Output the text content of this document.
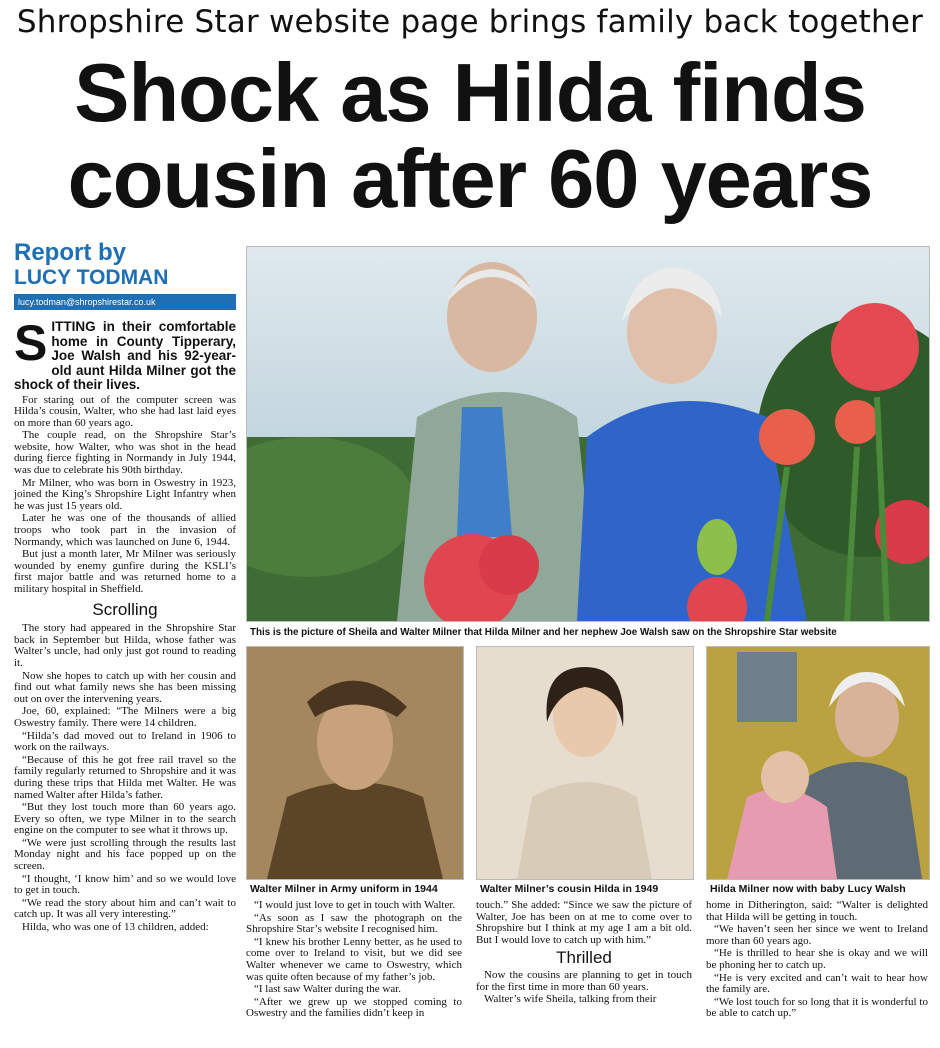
Shropshire Star website page brings family back together
Shock as Hilda finds
cousin after 60 years
Report by
LUCY TODMAN
lucy.todman@shropshirestar.co.uk
S ITTING in their comfortable home in County Tipperary, Joe Walsh and his 92-year-old aunt Hilda Milner got the shock of their lives.

For staring out of the computer screen was Hilda’s cousin, Walter, who she had last laid eyes on more than 60 years ago.

The couple read, on the Shropshire Star’s website, how Walter, who was shot in the head during fierce fighting in Normandy in July 1944, was due to celebrate his 90th birthday.

Mr Milner, who was born in Oswestry in 1923, joined the King’s Shropshire Light Infantry when he was just 15 years old.

Later he was one of the thousands of allied troops who took part in the invasion of Normandy, which was launched on June 6, 1944.

But just a month later, Mr Milner was seriously wounded by enemy gunfire during the KSLI’s first major battle and was returned home to a military hospital in Sheffield.

Scrolling

The story had appeared in the Shropshire Star back in September but Hilda, whose father was Walter’s uncle, had only just got round to reading it.

Now she hopes to catch up with her cousin and find out what family news she has been missing out on over the intervening years.

Joe, 60, explained: “The Milners were a big Oswestry family. There were 14 children.

“Hilda’s dad moved out to Ireland in 1906 to work on the railways.

“Because of this he got free rail travel so the family regularly returned to Shropshire and it was during these trips that Hilda met Walter. He was named Walter after Hilda’s father.

“But they lost touch more than 60 years ago. Every so often, we type Milner in to the search engine on the computer to see what it throws up.

“We were just scrolling through the results last Monday night and his face popped up on the screen.

“I thought, ‘I know him’ and so we would love to get in touch.

“We read the story about him and can’t wait to catch up. It was all very interesting.”

Hilda, who was one of 13 children, added:

This is the picture of Sheila and Walter Milner that Hilda Milner and her nephew Joe Walsh saw on the Shropshire Star website
Walter Milner in Army uniform in 1944	Walter Milner’s cousin Hilda in 1949	Hilda Milner now with baby Lucy Walsh

“I would just love to get in touch with Walter.

“As soon as I saw the photograph on the Shropshire Star’s website I recognised him.

“I knew his brother Lenny better, as he used to come over to Ireland to visit, but we did see Walter whenever we came to Oswestry, which was quite often because of my father’s job.

“I last saw Walter during the war.

“After we grew up we stopped coming to Oswestry and the families didn’t keep in

touch.” She added: “Since we saw the picture of Walter, Joe has been on at me to come over to Shropshire but I think at my age I am a bit old. But I would love to catch up with him.”

Thrilled

Now the cousins are planning to get in touch for the first time in more than 60 years.

Walter’s wife Sheila, talking from their

home in Ditherington, said: “Walter is delighted that Hilda will be getting in touch.

“We haven’t seen her since we went to Ireland more than 60 years ago.

“He is thrilled to hear she is okay and we will be phoning her to catch up.

“He is very excited and can’t wait to hear how the family are.

“We lost touch for so long that it is wonderful to be able to catch up.”
